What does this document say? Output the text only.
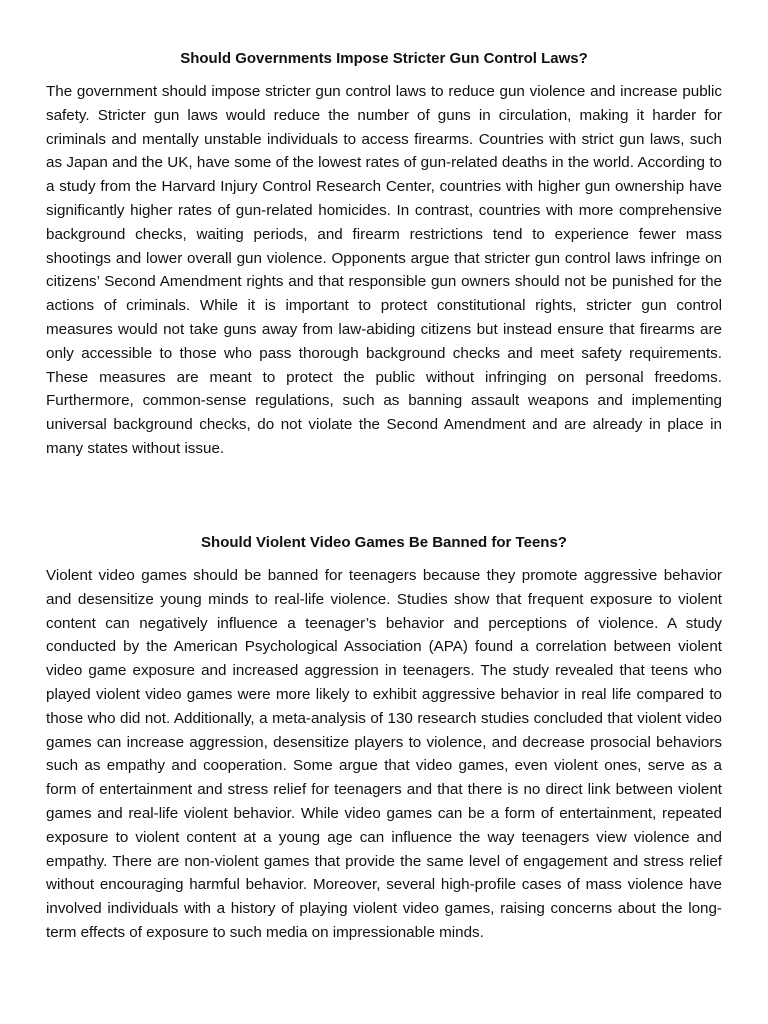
Should Governments Impose Stricter Gun Control Laws?

The government should impose stricter gun control laws to reduce gun violence and increase public safety. Stricter gun laws would reduce the number of guns in circulation, making it harder for criminals and mentally unstable individuals to access firearms. Countries with strict gun laws, such as Japan and the UK, have some of the lowest rates of gun-related deaths in the world. According to a study from the Harvard Injury Control Research Center, countries with higher gun ownership have significantly higher rates of gun-related homicides. In contrast, countries with more comprehensive background checks, waiting periods, and firearm restrictions tend to experience fewer mass shootings and lower overall gun violence. Opponents argue that stricter gun control laws infringe on citizens’ Second Amendment rights and that responsible gun owners should not be punished for the actions of criminals. While it is important to protect constitutional rights, stricter gun control measures would not take guns away from law-abiding citizens but instead ensure that firearms are only accessible to those who pass thorough background checks and meet safety requirements. These measures are meant to protect the public without infringing on personal freedoms. Furthermore, common-sense regulations, such as banning assault weapons and implementing universal background checks, do not violate the Second Amendment and are already in place in many states without issue.

Should Violent Video Games Be Banned for Teens?

Violent video games should be banned for teenagers because they promote aggressive behavior and desensitize young minds to real-life violence. Studies show that frequent exposure to violent content can negatively influence a teenager’s behavior and perceptions of violence. A study conducted by the American Psychological Association (APA) found a correlation between violent video game exposure and increased aggression in teenagers. The study revealed that teens who played violent video games were more likely to exhibit aggressive behavior in real life compared to those who did not. Additionally, a meta-analysis of 130 research studies concluded that violent video games can increase aggression, desensitize players to violence, and decrease prosocial behaviors such as empathy and cooperation. Some argue that video games, even violent ones, serve as a form of entertainment and stress relief for teenagers and that there is no direct link between violent games and real-life violent behavior. While video games can be a form of entertainment, repeated exposure to violent content at a young age can influence the way teenagers view violence and empathy. There are non-violent games that provide the same level of engagement and stress relief without encouraging harmful behavior. Moreover, several high-profile cases of mass violence have involved individuals with a history of playing violent video games, raising concerns about the long-term effects of exposure to such media on impressionable minds.
